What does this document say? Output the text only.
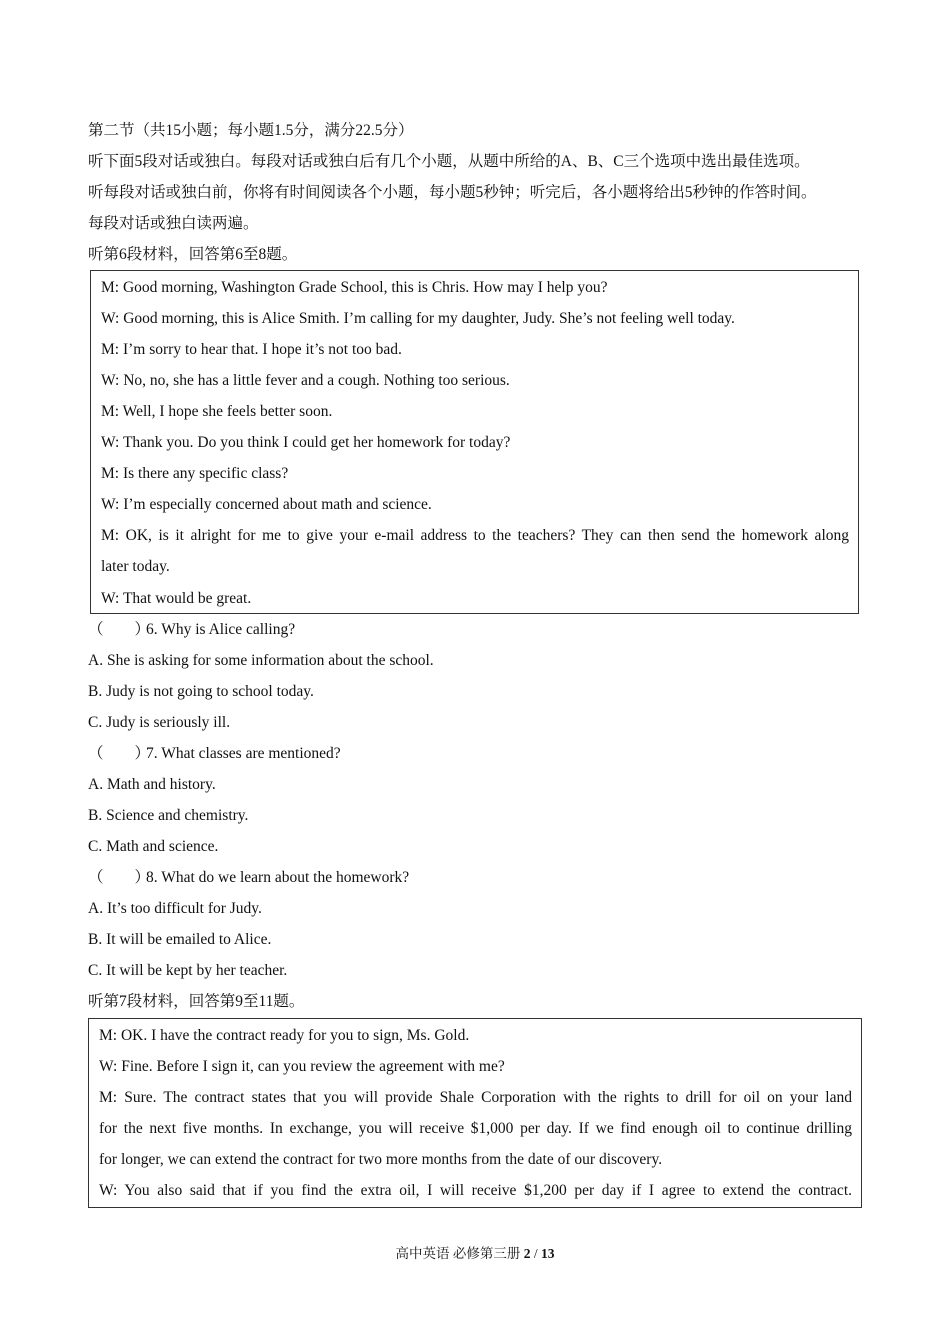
第二节（共15小题；每小题1.5分，满分22.5分）
听下面5段对话或独白。每段对话或独白后有几个小题，从题中所给的A、B、C三个选项中选出最佳选项。
听每段对话或独白前，你将有时间阅读各个小题，每小题5秒钟；听完后，各小题将给出5秒钟的作答时间。
每段对话或独白读两遍。
听第6段材料，回答第6至8题。
M: Good morning, Washington Grade School, this is Chris. How may I help you?
W: Good morning, this is Alice Smith. I’m calling for my daughter, Judy. She’s not feeling well today.
M: I’m sorry to hear that. I hope it’s not too bad.
W: No, no, she has a little fever and a cough. Nothing too serious.
M: Well, I hope she feels better soon.
W: Thank you. Do you think I could get her homework for today?
M: Is there any specific class?
W: I’m especially concerned about math and science.
M: OK, is it alright for me to give your e-mail address to the teachers? They can then send the homework along
later today.
W: That would be great.
（　　）6. Why is Alice calling?
A. She is asking for some information about the school.
B. Judy is not going to school today.
C. Judy is seriously ill.
（　　）7. What classes are mentioned?
A. Math and history.
B. Science and chemistry.
C. Math and science.
（　　）8. What do we learn about the homework?
A. It’s too difficult for Judy.
B. It will be emailed to Alice.
C. It will be kept by her teacher.
听第7段材料，回答第9至11题。
M: OK. I have the contract ready for you to sign, Ms. Gold.
W: Fine. Before I sign it, can you review the agreement with me?
M: Sure. The contract states that you will provide Shale Corporation with the rights to drill for oil on your land
for the next five months. In exchange, you will receive $1,000 per day. If we find enough oil to continue drilling
for longer, we can extend the contract for two more months from the date of our discovery.
W: You also said that if you find the extra oil, I will receive $1,200 per day if I agree to extend the contract.
高中英语 必修第三册 2 / 13
